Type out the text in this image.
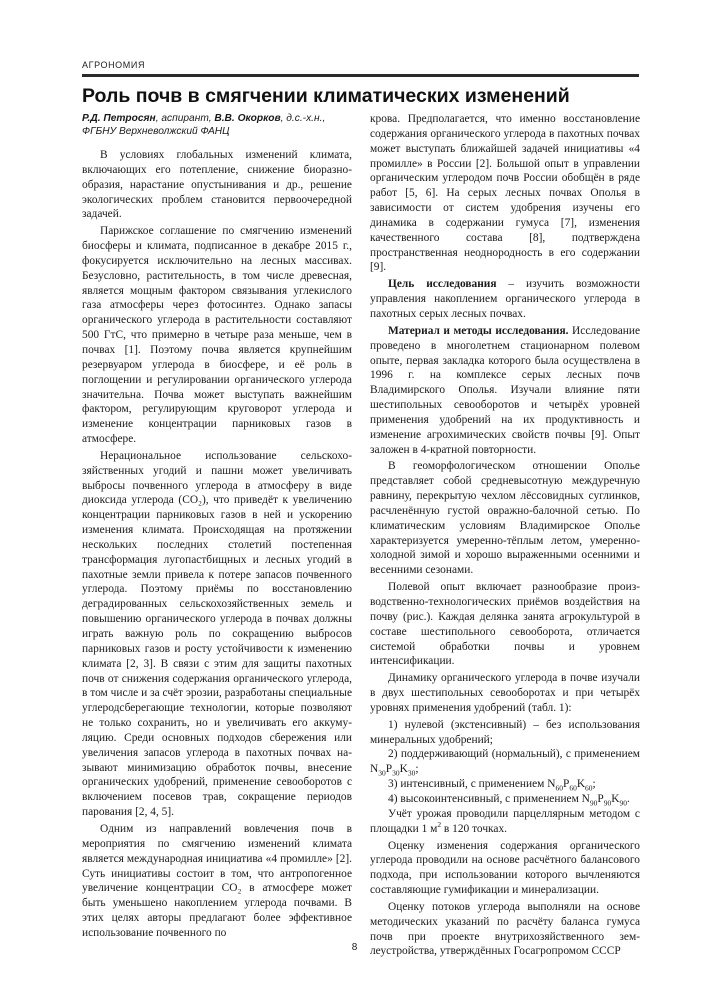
АГРОНОМИЯ
Роль почв в смягчении климатических изменений
Р.Д. Петросян, аспирант, В.В. Окорков, д.с.-х.н.,
ФГБНУ Верхневолжский ФАНЦ

В условиях глобальных изменений климата, включающих его потепление, снижение биоразнообразия, нарастание опустынивания и др., решение экологических проблем становится первоочередной задачей.

Парижское соглашение по смягчению изменений биосферы и климата, подписанное в декабре 2015 г., фокусируется исключительно на лесных массивах. Безусловно, растительность, в том числе древесная, является мощным фактором связывания углекислого газа атмосферы через фотосинтез. Однако запасы органического углерода в растительности составляют 500 ГтС, что примерно в четыре раза меньше, чем в почвах [1]. Поэтому почва является крупнейшим резервуаром углерода в биосфере, и её роль в поглощении и регулировании органического углерода значительна. Почва может выступать важнейшим фактором, регулирующим круговорот углерода и изменение концентрации парниковых газов в атмосфере.

Нерациональное использование сельскохозяйственных угодий и пашни может увеличивать выбросы почвенного углерода в атмосферу в виде диоксида углерода (CO₂), что приведёт к увеличению концентрации парниковых газов в ней и ускорению изменения климата. Происходящая на протяжении нескольких последних столетий постепенная трансформация лугопастбищных и лесных угодий в пахотные земли привела к потере запасов почвенного углерода. Поэтому приёмы по восстановлению деградированных сельскохозяйственных земель и повышению органического углерода в почвах должны играть важную роль по сокращению выбросов парниковых газов и росту устойчивости к изменению климата [2, 3]. В связи с этим для защиты пахотных почв от снижения содержания органического углерода, в том числе и за счёт эрозии, разработаны специальные углеродсберегающие технологии, которые позволяют не только сохранить, но и увеличивать его аккумуляцию. Среди основных подходов сбережения или увеличения запасов углерода в пахотных почвах называют минимизацию обработок почвы, внесение органических удобрений, применение севооборотов с включением посевов трав, сокращение периодов парования [2, 4, 5].

Одним из направлений вовлечения почв в мероприятия по смягчению изменений климата является международная инициатива «4 промилле» [2]. Суть инициативы состоит в том, что антропогенное увеличение концентрации CO₂ в атмосфере может быть уменьшено накоплением углерода почвами. В этих целях авторы предлагают более эффективное использование почвенного по

крова. Предполагается, что именно восстановление содержания органического углерода в пахотных почвах может выступать ближайшей задачей инициативы «4 промилле» в России [2]. Большой опыт в управлении органическим углеродом почв России обобщён в ряде работ [5, 6]. На серых лесных почвах Ополья в зависимости от систем удобрения изучены его динамика в содержании гумуса [7], изменения качественного состава [8], подтверждена пространственная неоднородность в его содержании [9].

Цель исследования – изучить возможности управления накоплением органического углерода в пахотных серых лесных почвах.

Материал и методы исследования. Исследование проведено в многолетнем стационарном полевом опыте, первая закладка которого была осуществлена в 1996 г. на комплексе серых лесных почв Владимирского Ополья. Изучали влияние пяти шестипольных севооборотов и четырёх уровней применения удобрений на их продуктивность и изменение агрохимических свойств почвы [9]. Опыт заложен в 4-кратной повторности.

В геоморфологическом отношении Ополье представляет собой средневысотную междуречную равнину, перекрытую чехлом лёссовидных суглинков, расчленённую густой овражно-балочной сетью. По климатическим условиям Владимирское Ополье характеризуется умеренно-тёплым летом, умеренно-холодной зимой и хорошо выраженными осенними и весенними сезонами.

Полевой опыт включает разнообразие производственно-технологических приёмов воздействия на почву (рис.). Каждая делянка занята агрокультурой в составе шестипольного севооборота, отличается системой обработки почвы и уровнем интенсификации.

Динамику органического углерода в почве изучали в двух шестипольных севооборотах и при четырёх уровнях применения удобрений (табл. 1):

1) нулевой (экстенсивный) – без использования минеральных удобрений;

2) поддерживающий (нормальный), с применением $N_{30}P_{30}K_{30}$;

3) интенсивный, с применением $N_{60}P_{60}K_{60}$;

4) высокоинтенсивный, с применением $N_{90}P_{90}K_{90}$.

Учёт урожая проводили парцеллярным методом с площадки 1 $м^2$ в 120 точках.

Оценку изменения содержания органического углерода проводили на основе расчётного балансового подхода, при использовании которого вычленяются составляющие гумификации и минерализации.

Оценку потоков углерода выполняли на основе методических указаний по расчёту баланса гумуса почв при проекте внутрихозяйственного землеустройства, утверждённых Госагропромом СССР

8
